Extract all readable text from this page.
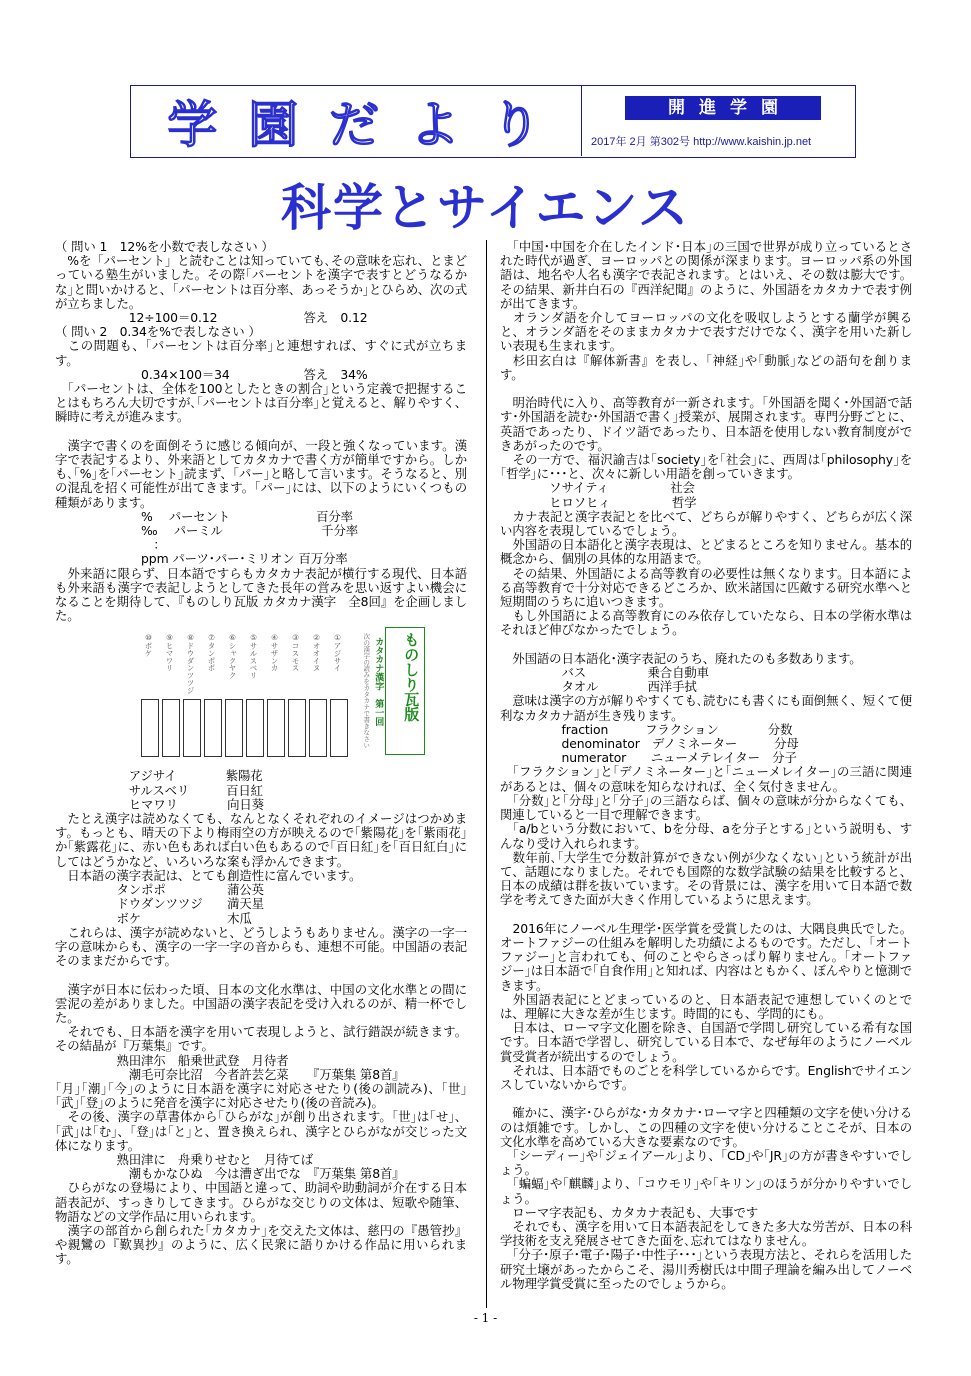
学 園 だ よ り	開進学園
2017年 2月 第302号 http://www.kaishin.jp.net
科学とサイエンス

（ 問い 1　12%を小数で表しなさい ）

　%を「パーセント」と読むことは知っていても､その意味を忘れ、とまどっている塾生がいました。その際｢パーセントを漢字で表すとどうなるかな｣と問いかけると、｢パーセントは百分率、あっそうか｣とひらめ、次の式が立ちました。

　　　　　　12÷100＝0.12　　　　　　　答え　0.12

（ 問い 2　0.34を%で表しなさい ）

　この問題も、｢パーセントは百分率｣と連想すれば、すぐに式が立ちます。

　　　　　　　0.34×100＝34　　　　　　答え　34%

　｢パーセントは、全体を100としたときの割合｣という定義で把握することはもちろん大切ですが､｢パーセントは百分率｣と覚えると、解りやすく、瞬時に考えが進みます。

　漢字で書くのを面倒そうに感じる傾向が、一段と強くなっています。漢字で表記するより、外来語としてカタカナで書く方が簡単ですから。しかも､｢%｣を｢パーセント｣読まず、｢パー｣と略して言います。そうなると、別の混乱を招く可能性が出てきます。｢パー｣には、以下のようにいくつもの種類があります。

　　　　　　　%　 パーセント　　　　　　　百分率

　　　　　　　‰　 パーミル　　　　　　　　千分率

　　　　　　　　：

　　　　　　　ppm パーツ･パー･ミリオン 百万分率

　外来語に限らず、日本語ですらもカタカナ表記が横行する現代、日本語も外来語も漢字で表記しようとしてきた長年の営みを思い返すよい機会になることを期待して､『ものしり瓦版 カタカナ漢字　全8回』を企画しました。

ものしり瓦版
カタカナ漢字　第一回
次の漢字の読みをカタカナで書きなさい
①アジサイ
②オオイヌ
③コスモス
④サザンカ
⑤サルスベリ
⑥シャクヤク
⑦タンポポ
⑧ドウダンツツジ
⑨ヒマワリ
⑩ボケ

　　　　　　アジサイ　　　　紫陽花

　　　　　　サルスベリ　　　百日紅

　　　　　　ヒマワリ　　　　向日葵

　たとえ漢字は読めなくても、なんとなくそれぞれのイメージはつかめます。もっとも、晴天の下より梅雨空の方が映えるので｢紫陽花｣を｢紫雨花｣か｢紫露花｣に、赤い色もあれば白い色もあるので｢百日紅｣を｢百日紅白｣にしてはどうかなど、いろいろな案も浮かんできます。

　日本語の漢字表記は、とても創造性に富んでいます。

　　　　　タンポポ　　　　　蒲公英

　　　　　ドウダンツツジ　　満天星

　　　　　ボケ　　　　　　　木瓜

　これらは、漢字が読めないと、どうしようもありません。漢字の一字一字の意味からも、漢字の一字一字の音からも、連想不可能。中国語の表記そのままだからです。

　漢字が日本に伝わった頃、日本の文化水準は、中国の文化水準との間に雲泥の差がありました。中国語の漢字表記を受け入れるのが、精一杯でした。

　それでも、日本語を漢字を用いて表現しようと、試行錯誤が続きます。その結晶が『万葉集』です。

　　　　　熟田津尓　船乗世武登　月待者

　　　　　　潮毛可奈比沼　今者許芸乞菜　　『万葉集 第8首』

｢月｣｢潮｣｢今｣のように日本語を漢字に対応させたり(後の訓読み)、｢世｣｢武｣｢登｣のように発音を漢字に対応させたり(後の音読み)。

　その後、漢字の草書体から｢ひらがな｣が創り出されます。｢世｣は｢せ｣、｢武｣は｢む｣、｢登｣は｢と｣と、置き換えられ、漢字とひらがなが交じった文体になります。

　　　　　熟田津に　舟乗りせむと　月待てば

　　　　　　潮もかなひぬ　今は漕ぎ出でな　『万葉集 第8首』

　ひらがなの登場により、中国語と違って、助詞や助動詞が介在する日本語表記が、すっきりしてきます。ひらがな交じりの文体は、短歌や随筆、物語などの文学作品に用いられます。

　漢字の部首から創られた｢カタカナ｣を交えた文体は、慈円の『愚管抄』や親鸞の『歎異抄』のように、広く民衆に語りかける作品に用いられます。

　｢中国･中国を介在したインド･日本｣の三国で世界が成り立っているとされた時代が過ぎ、ヨーロッパとの関係が深まります。ヨーロッパ系の外国語は、地名や人名も漢字で表記されます。とはいえ、その数は膨大です。その結果、新井白石の『西洋紀聞』のように、外国語をカタカナで表す例が出てきます。

　オランダ語を介してヨーロッパの文化を吸収しようとする蘭学が興ると、オランダ語をそのままカタカナで表すだけでなく、漢字を用いた新しい表現も生まれます。

　杉田玄白は『解体新書』を表し、｢神経｣や｢動脈｣などの語句を創ります。

　明治時代に入り、高等教育が一新されます。｢外国語を聞く･外国語で話す･外国語を読む･外国語で書く｣授業が、展開されます。専門分野ごとに、英語であったり、ドイツ語であったり、日本語を使用しない教育制度ができあがったのです。

　その一方で、福沢諭吉は｢society｣を｢社会｣に、西周は｢philosophy｣を｢哲学｣に･･･と、次々に新しい用語を創っていきます。

　　　　ソサイティ　　　　　社会

　　　　ヒロソヒィ　　　　　哲学

　カナ表記と漢字表記とを比べて、どちらが解りやすく、どちらが広く深い内容を表現しているでしょう。

　外国語の日本語化と漢字表現は、とどまるところを知りません。基本的概念から、個別の具体的な用語まで。

　その結果、外国語による高等教育の必要性は無くなります。日本語による高等教育で十分対応できるどころか、欧米諸国に匹敵する研究水準へと短期間のうちに追いつきます。

　もし外国語による高等教育にのみ依存していたなら、日本の学術水準はそれほど伸びなかったでしょう。

　外国語の日本語化･漢字表記のうち、廃れたのも多数あります。

　　　　　バス　　　　　乗合自動車

　　　　　タオル　　　　西洋手拭

　意味は漢字の方が解りやすくても､読むにも書くにも面倒無く、短くて便利なカタカナ語が生き残ります。

　　　　　fraction　　　フラクション　　　　分数

　　　　　denominator　デノミネーター　　　分母

　　　　　numerator　　ニューメテレイター　分子

　｢フラクション｣と｢デノミネーター｣と｢ニューメレイター｣の三語に関連があるとは、個々の意味を知らなければ、全く気付きません。

　｢分数｣と｢分母｣と｢分子｣の三語ならば、個々の意味が分からなくても、関連していると一目で理解できます。

　｢a/bという分数において、bを分母、aを分子とする｣という説明も、すんなり受け入れられます。

　数年前､｢大学生で分数計算ができない例が少なくない｣という統計が出て、話題になりました。それでも国際的な数学試験の結果を比較すると、日本の成績は群を抜いています。その背景には、漢字を用いて日本語で数学を考えてきた面が大きく作用しているように思えます。

　2016年にノーベル生理学･医学賞を受賞したのは、大隅良典氏でした。オートファジーの仕組みを解明した功績によるものです。ただし、｢オートファジー｣と言われても、何のことやらさっぱり解りません。｢オートファジー｣は日本語で｢自食作用｣と知れば、内容はともかく、ぼんやりと憶測できます。

　外国語表記にとどまっているのと、日本語表記で連想していくのとでは、理解に大きな差が生じます。時間的にも、学問的にも。

　日本は、ローマ字文化圏を除き、自国語で学問し研究している希有な国です。日本語で学習し、研究している日本で、なぜ毎年のようにノーベル賞受賞者が続出するのでしょう。

　それは、日本語でものごとを科学しているからです。Englishでサイエンスしていないからです。

　確かに、漢字･ひらがな･カタカナ･ローマ字と四種類の文字を使い分けるのは煩雑です。しかし、この四種の文字を使い分けることこそが、日本の文化水準を高めている大きな要素なのです。

　｢シーディー｣や｢ジェイアール｣より、｢CD｣や｢JR｣の方が書きやすいでしょう。

　｢蝙蝠｣や｢麒麟｣より、｢コウモリ｣や｢キリン｣のほうが分かりやすいでしょう。

　ローマ字表記も、カタカナ表記も、大事です

　それでも、漢字を用いて日本語表記をしてきた多大な労苦が、日本の科学技術を支え発展させてきた面を､忘れてはなりません。

　｢分子･原子･電子･陽子･中性子･･･｣という表現方法と、それらを活用した研究土壌があったからこそ、湯川秀樹氏は中間子理論を編み出してノーベル物理学賞受賞に至ったのでしょうから。

- 1 -
